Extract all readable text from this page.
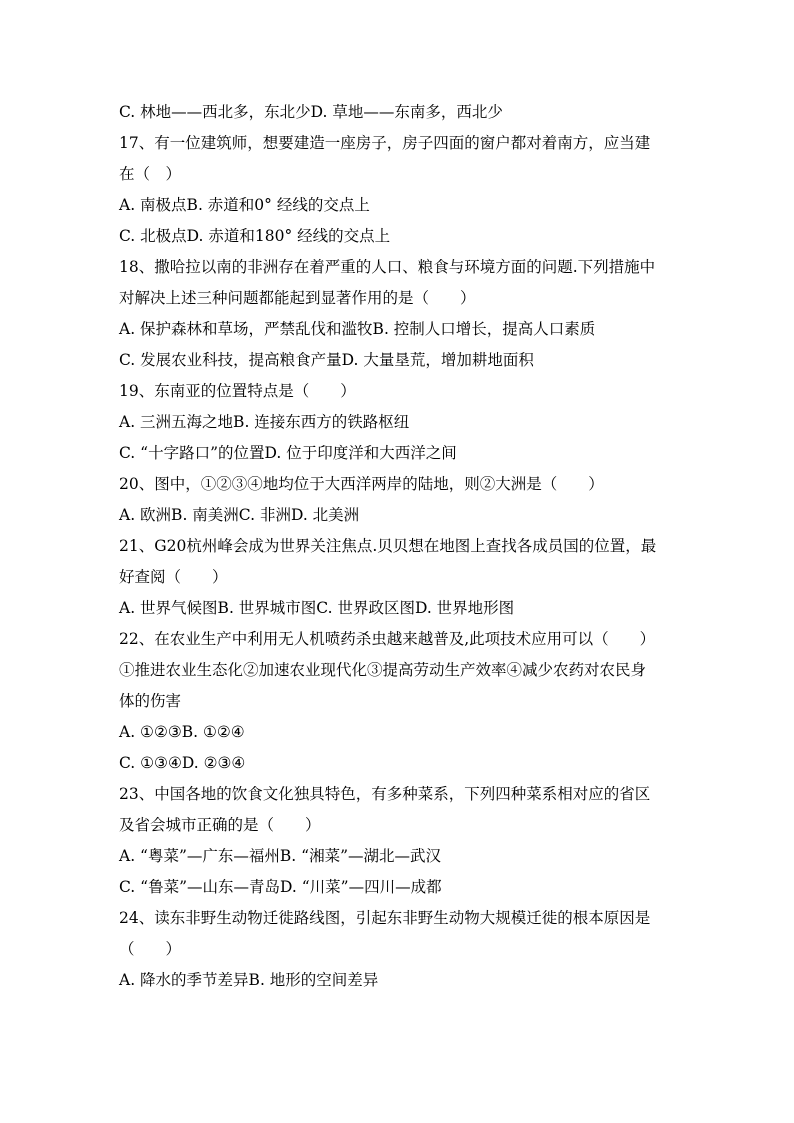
C. 林地——西北多，东北少D. 草地——东南多，西北少
17、有一位建筑师，想要建造一座房子，房子四面的窗户都对着南方，应当建
在（　）
A. 南极点B. 赤道和0° 经线的交点上
C. 北极点D. 赤道和180° 经线的交点上
18、撒哈拉以南的非洲存在着严重的人口、粮食与环境方面的问题.下列措施中
对解决上述三种问题都能起到显著作用的是（　　）
A. 保护森林和草场，严禁乱伐和滥牧B. 控制人口增长，提高人口素质
C. 发展农业科技，提高粮食产量D. 大量垦荒，增加耕地面积
19、东南亚的位置特点是（　　）
A. 三洲五海之地B. 连接东西方的铁路枢纽
C. “十字路口”的位置D. 位于印度洋和大西洋之间
20、图中，①②③④地均位于大西洋两岸的陆地，则②大洲是（　　）
A. 欧洲B. 南美洲C. 非洲D. 北美洲
21、G20杭州峰会成为世界关注焦点.贝贝想在地图上查找各成员国的位置，最
好查阅（　　）
A. 世界气候图B. 世界城市图C. 世界政区图D. 世界地形图
22、在农业生产中利用无人机喷药杀虫越来越普及,此项技术应用可以（　　）
①推进农业生态化②加速农业现代化③提高劳动生产效率④减少农药对农民身
体的伤害
A. ①②③B. ①②④
C. ①③④D. ②③④
23、中国各地的饮食文化独具特色，有多种菜系，下列四种菜系相对应的省区
及省会城市正确的是（　　）
A. “粤菜”—广东—福州B. “湘菜”—湖北—武汉
C. “鲁菜”—山东—青岛D. “川菜”—四川—成都
24、读东非野生动物迁徙路线图，引起东非野生动物大规模迁徙的根本原因是
（　　）
A. 降水的季节差异B. 地形的空间差异
